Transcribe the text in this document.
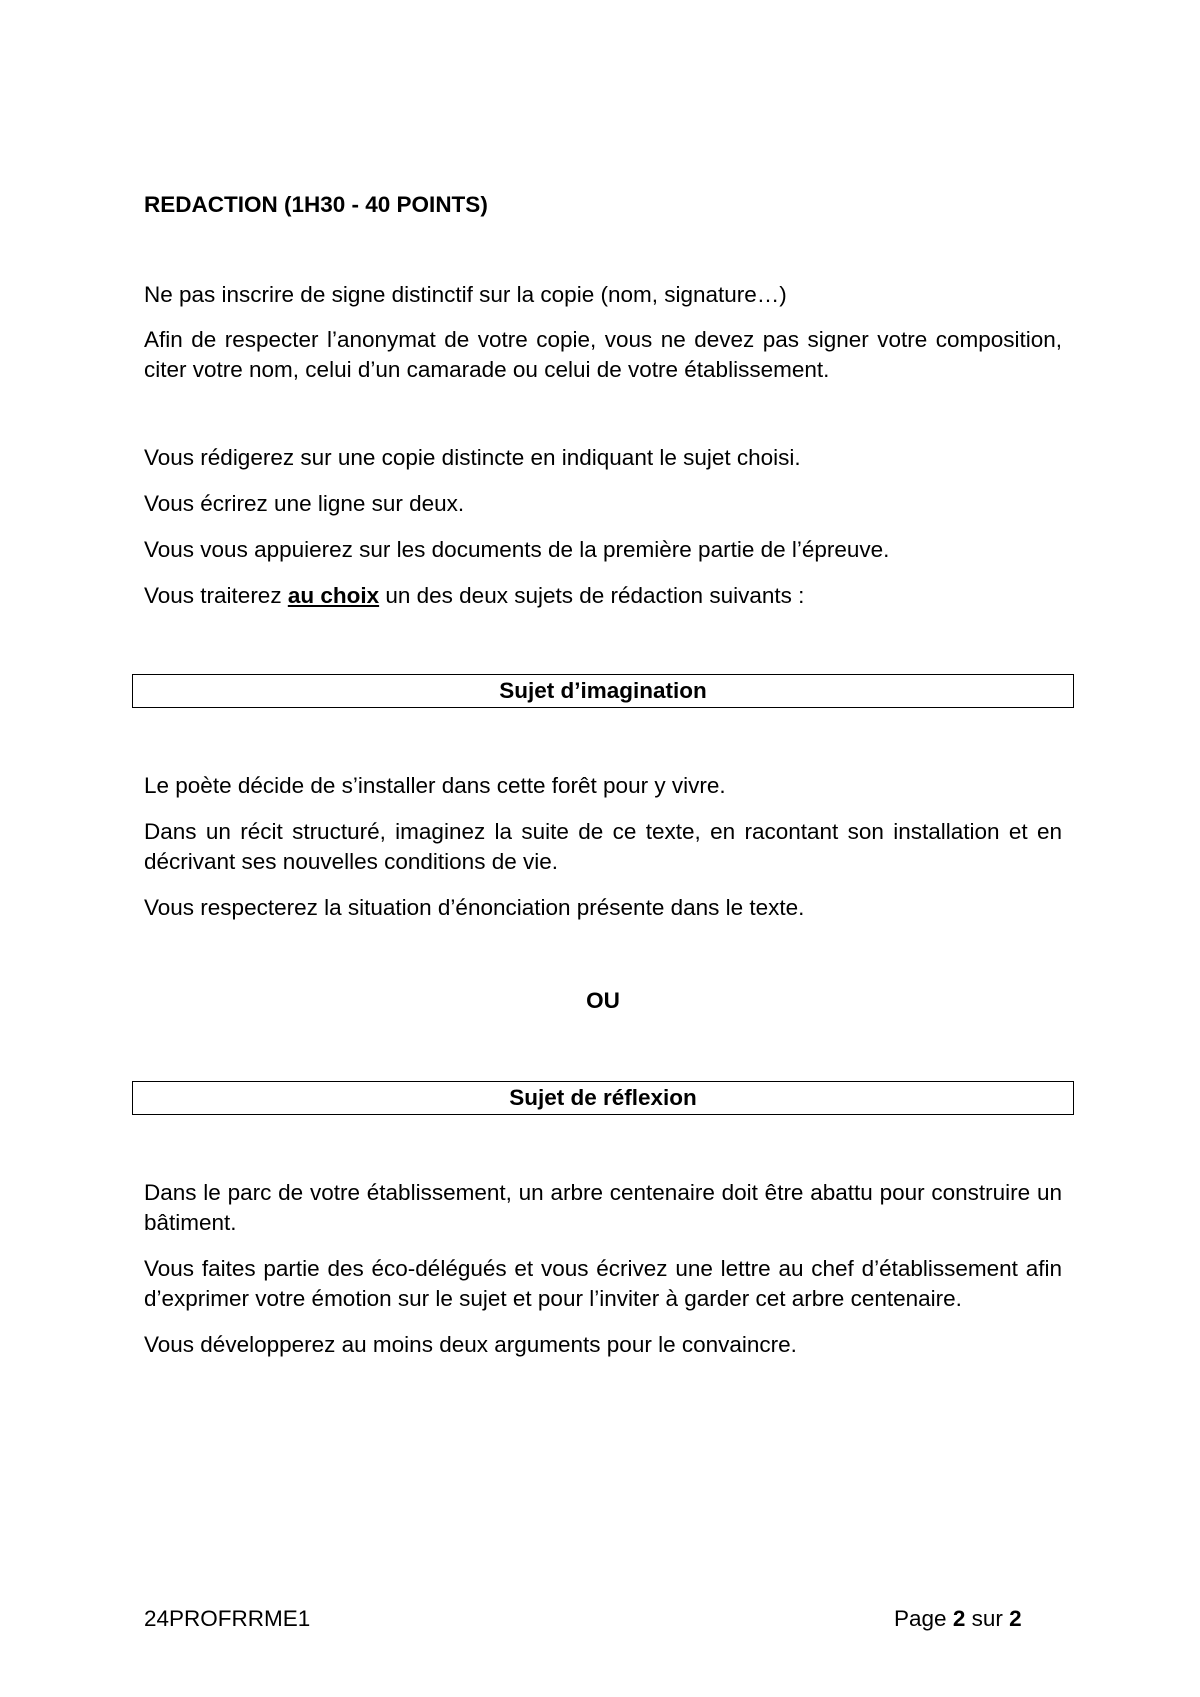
REDACTION (1H30 - 40 POINTS)

Ne pas inscrire de signe distinctif sur la copie (nom, signature…)

Afin de respecter l’anonymat de votre copie, vous ne devez pas signer votre composition, citer votre nom, celui d’un camarade ou celui de votre établissement.

Vous rédigerez sur une copie distincte en indiquant le sujet choisi.

Vous écrirez une ligne sur deux.

Vous vous appuierez sur les documents de la première partie de l’épreuve.

Vous traiterez au choix un des deux sujets de rédaction suivants :

Sujet d’imagination

Le poète décide de s’installer dans cette forêt pour y vivre.

Dans un récit structuré, imaginez la suite de ce texte, en racontant son installation et en décrivant ses nouvelles conditions de vie.

Vous respecterez la situation d’énonciation présente dans le texte.

OU

Sujet de réflexion

Dans le parc de votre établissement, un arbre centenaire doit être abattu pour construire un bâtiment.

Vous faites partie des éco-délégués et vous écrivez une lettre au chef d’établissement afin d’exprimer votre émotion sur le sujet et pour l’inviter à garder cet arbre centenaire.

Vous développerez au moins deux arguments pour le convaincre.

24PROFRRME1	Page 2 sur 2
